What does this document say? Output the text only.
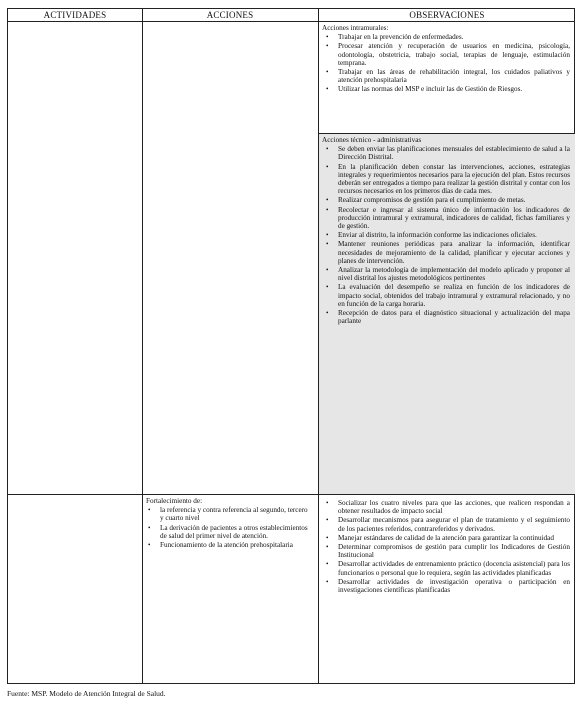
ACTIVIDADES	ACCIONES	OBSERVACIONES
Acciones intramurales:
• Trabajar en la prevención de enfermedades.
• Procesar atención y recuperación de usuarios en medicina, psicología, odontología, obstetricia, trabajo social, terapias de lenguaje, estimulación temprana.
• Trabajar en las áreas de rehabilitación integral, los cuidados paliativos y atención prehospitalaria
• Utilizar las normas del MSP e incluir las de Gestión de Riesgos.
Acciones técnico - administrativas
• Se deben enviar las planificaciones mensuales del establecimiento de salud a la Dirección Distrital.
• En la planificación deben constar las intervenciones, acciones, estrategias integrales y requerimientos necesarios para la ejecución del plan. Estos recursos deberán ser entregados a tiempo para realizar la gestión distrital y contar con los recursos necesarios en los primeros días de cada mes.
• Realizar compromisos de gestión para el cumplimiento de metas.
• Recolectar e ingresar al sistema único de información los indicadores de producción intramural y extramural, indicadores de calidad, fichas familiares y de gestión.
• Enviar al distrito, la información conforme las indicaciones oficiales.
• Mantener reuniones periódicas para analizar la información, identificar necesidades de mejoramiento de la calidad, planificar y ejecutar acciones y planes de intervención.
• Analizar la metodología de implementación del modelo aplicado y proponer al nivel distrital los ajustes metodológicos pertinentes
• La evaluación del desempeño se realiza en función de los indicadores de impacto social, obtenidos del trabajo intramural y extramural relacionado, y no en función de la carga horaria.
• Recepción de datos para el diagnóstico situacional y actualización del mapa parlante
Fortalecimiento de:
• la referencia y contra referencia al segundo, tercero y cuarto nivel
• La derivación de pacientes a otros establecimientos de salud del primer nivel de atención.
• Funcionamiento de la atención prehospitalaria
• Socializar los cuatro niveles para que las acciones, que realicen respondan a obtener resultados de impacto social
• Desarrollar mecanismos para asegurar el plan de tratamiento y el seguimiento de los pacientes referidos, contrareferidos y derivados.
• Manejar estándares de calidad de la atención para garantizar la continuidad
• Determinar compromisos de gestión para cumplir los Indicadores de Gestión Institucional
• Desarrollar actividades de entrenamiento práctico (docencia asistencial) para los funcionarios o personal que lo requiera, según las actividades planificadas
• Desarrollar actividades de investigación operativa o participación en investigaciones científicas planificadas
Fuente: MSP. Modelo de Atención Integral de Salud.
